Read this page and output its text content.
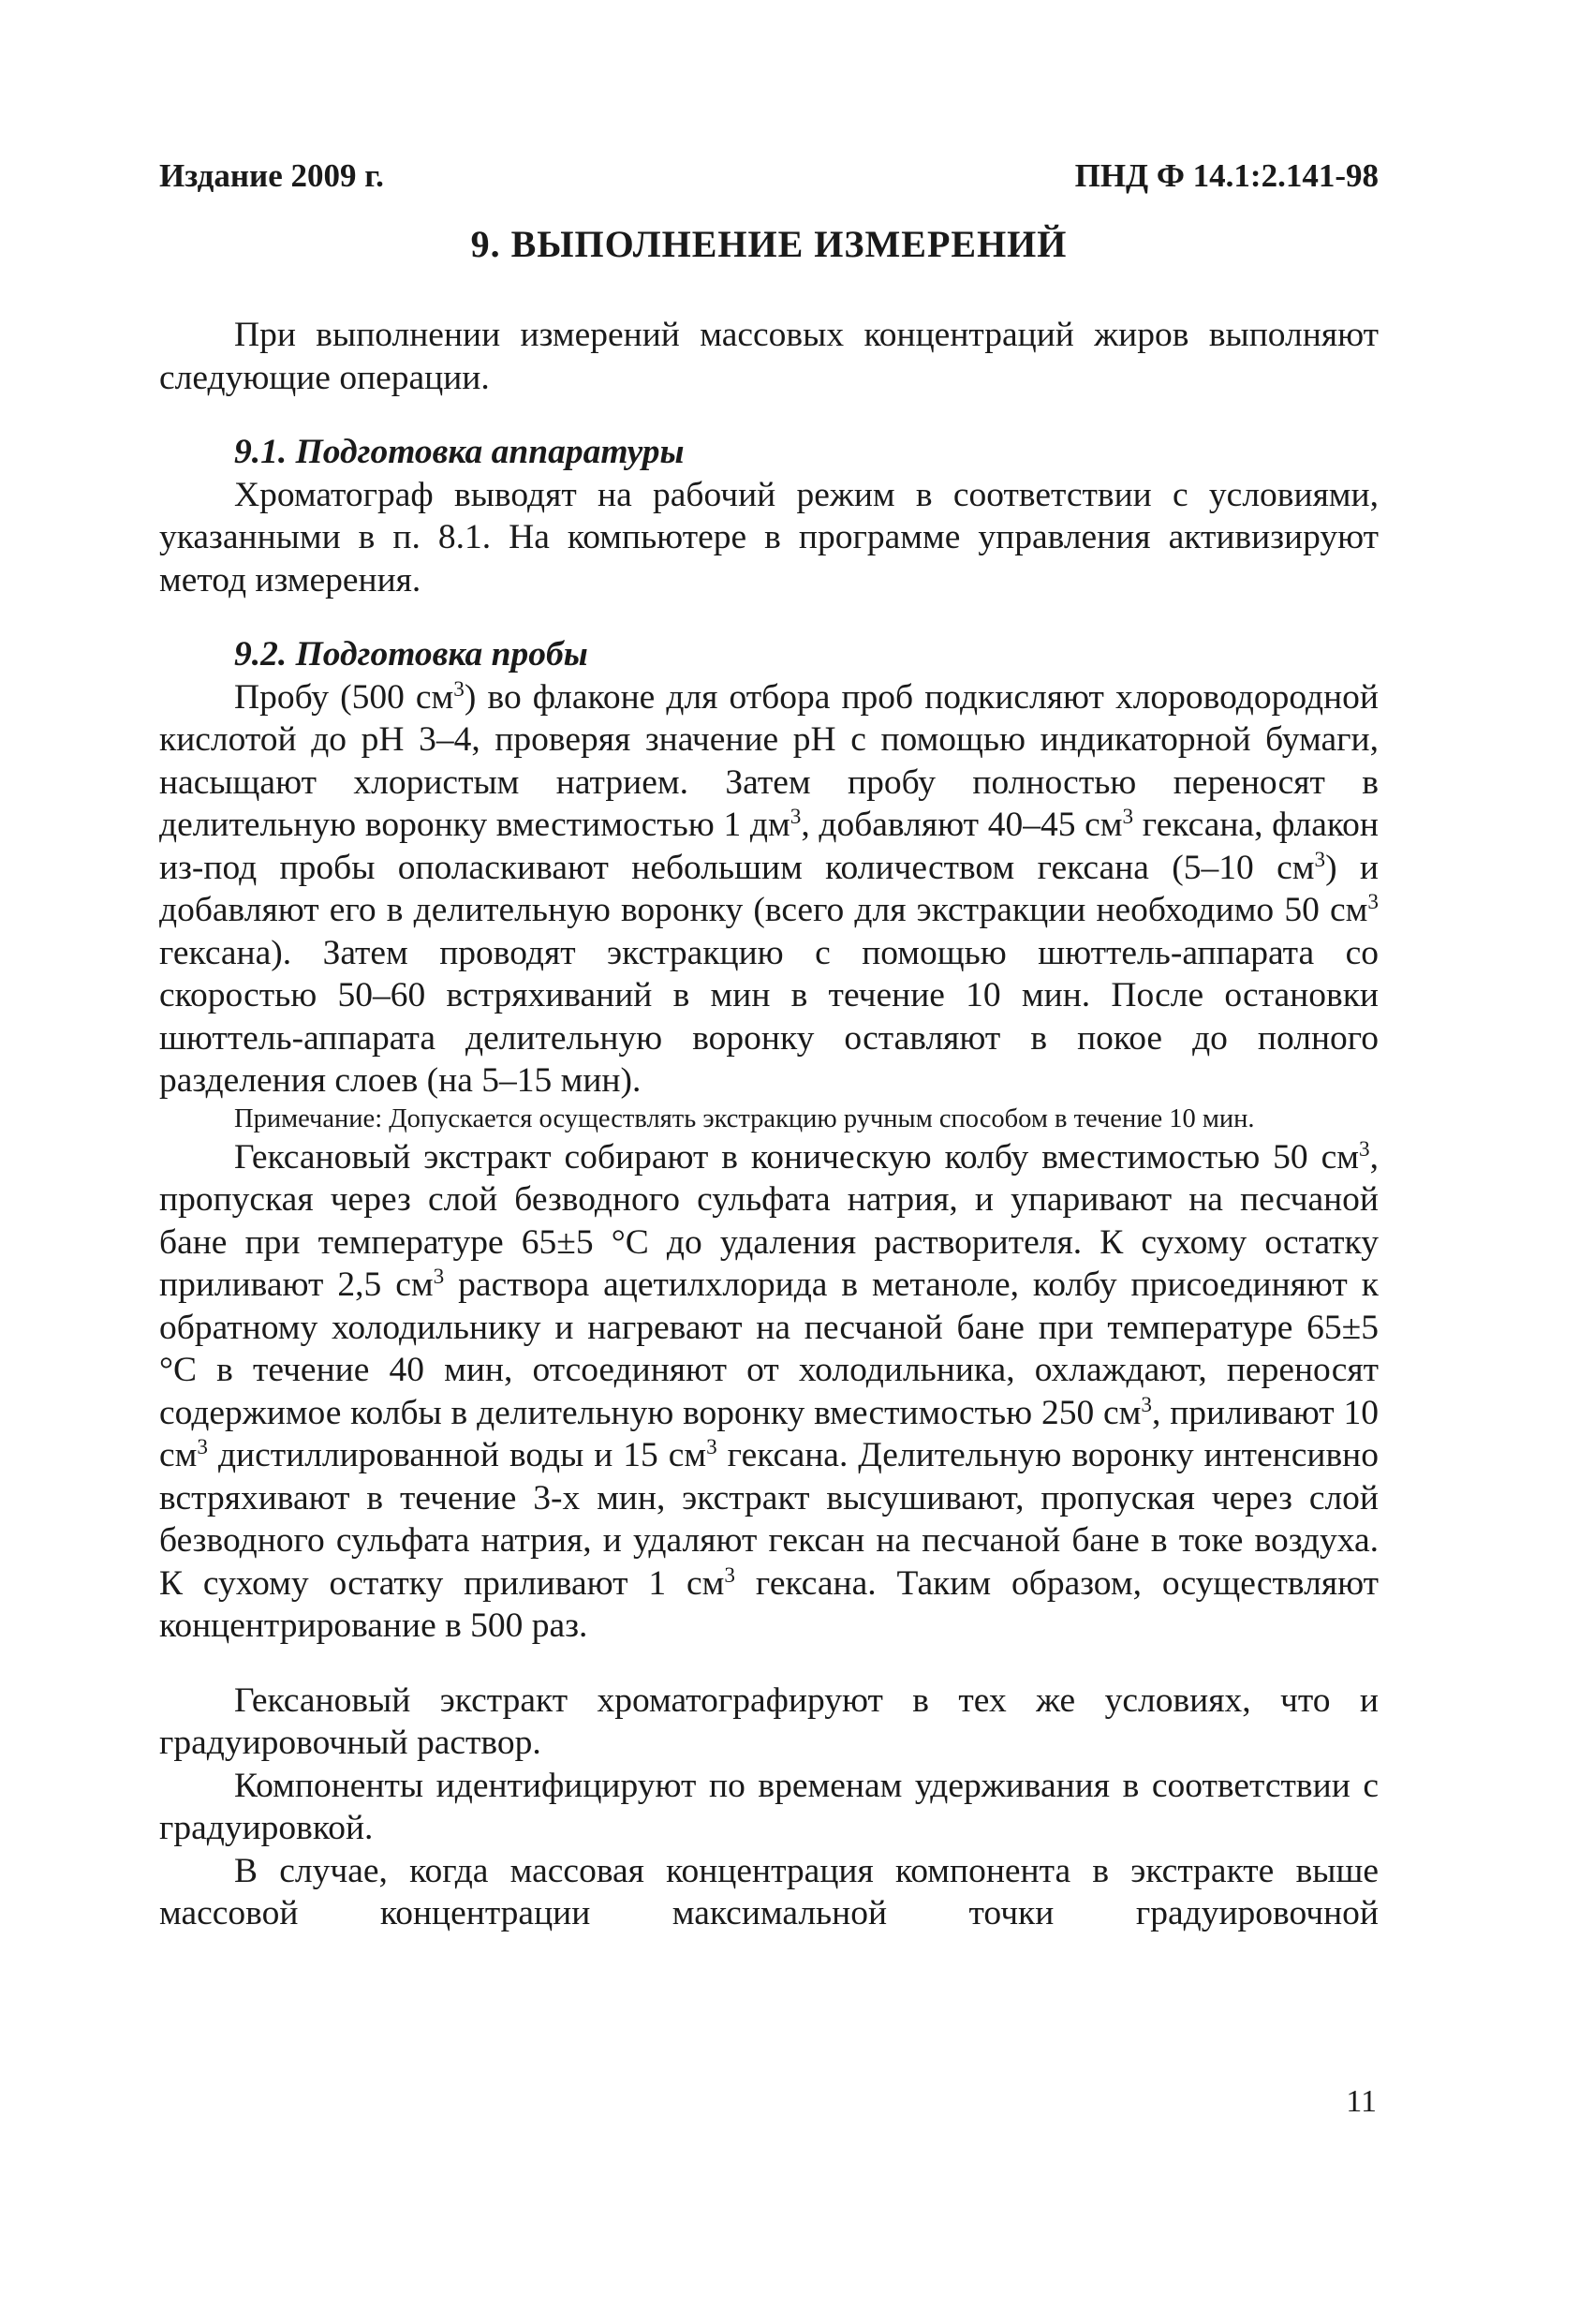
Издание 2009 г.	ПНД Ф 14.1:2.141-98
9. ВЫПОЛНЕНИЕ ИЗМЕРЕНИЙ

При выполнении измерений массовых концентраций жиров выполняют следующие операции.

9.1. Подготовка аппаратуры

Хроматограф выводят на рабочий режим в соответствии с условиями, указанными в п. 8.1. На компьютере в программе управления активизируют метод измерения.

9.2. Подготовка пробы

Пробу (500 $см^3$) во флаконе для отбора проб подкисляют хлороводородной кислотой до pH 3–4, проверяя значение pH с помощью индикаторной бумаги, насыщают хлористым натрием. Затем пробу полностью переносят в делительную воронку вместимостью 1 $дм^3$, добавляют 40–45 $см^3$ гексана, флакон из-под пробы ополаскивают небольшим количеством гексана (5–10 $см^3$) и добавляют его в делительную воронку (всего для экстракции необходимо 50 $см^3$ гексана). Затем проводят экстракцию с помощью шюттель-аппарата со скоростью 50–60 встряхиваний в мин в течение 10 мин. После остановки шюттель-аппарата делительную воронку оставляют в покое до полного разделения слоев (на 5–15 мин).

Примечание: Допускается осуществлять экстракцию ручным способом в течение 10 мин.

Гексановый экстракт собирают в коническую колбу вместимостью 50 $см^3$, пропуская через слой безводного сульфата натрия, и упаривают на песчаной бане при температуре 65±5 °С до удаления растворителя. К сухому остатку приливают 2,5 $см^3$ раствора ацетилхлорида в метаноле, колбу присоединяют к обратному холодильнику и нагревают на песчаной бане при температуре 65±5 °С в течение 40 мин, отсоединяют от холодильника, охлаждают, переносят содержимое колбы в делительную воронку вместимостью 250 $см^3$, приливают 10 $см^3$ дистиллированной воды и 15 $см^3$ гексана. Делительную воронку интенсивно встряхивают в течение 3-х мин, экстракт высушивают, пропуская через слой безводного сульфата натрия, и удаляют гексан на песчаной бане в токе воздуха. К сухому остатку приливают 1 $см^3$ гексана. Таким образом, осуществляют концентрирование в 500 раз.

Гексановый экстракт хроматографируют в тех же условиях, что и градуировочный раствор.

Компоненты идентифицируют по временам удерживания в соответствии с градуировкой.

В случае, когда массовая концентрация компонента в экстракте выше массовой концентрации максимальной точки градуировочной

11
